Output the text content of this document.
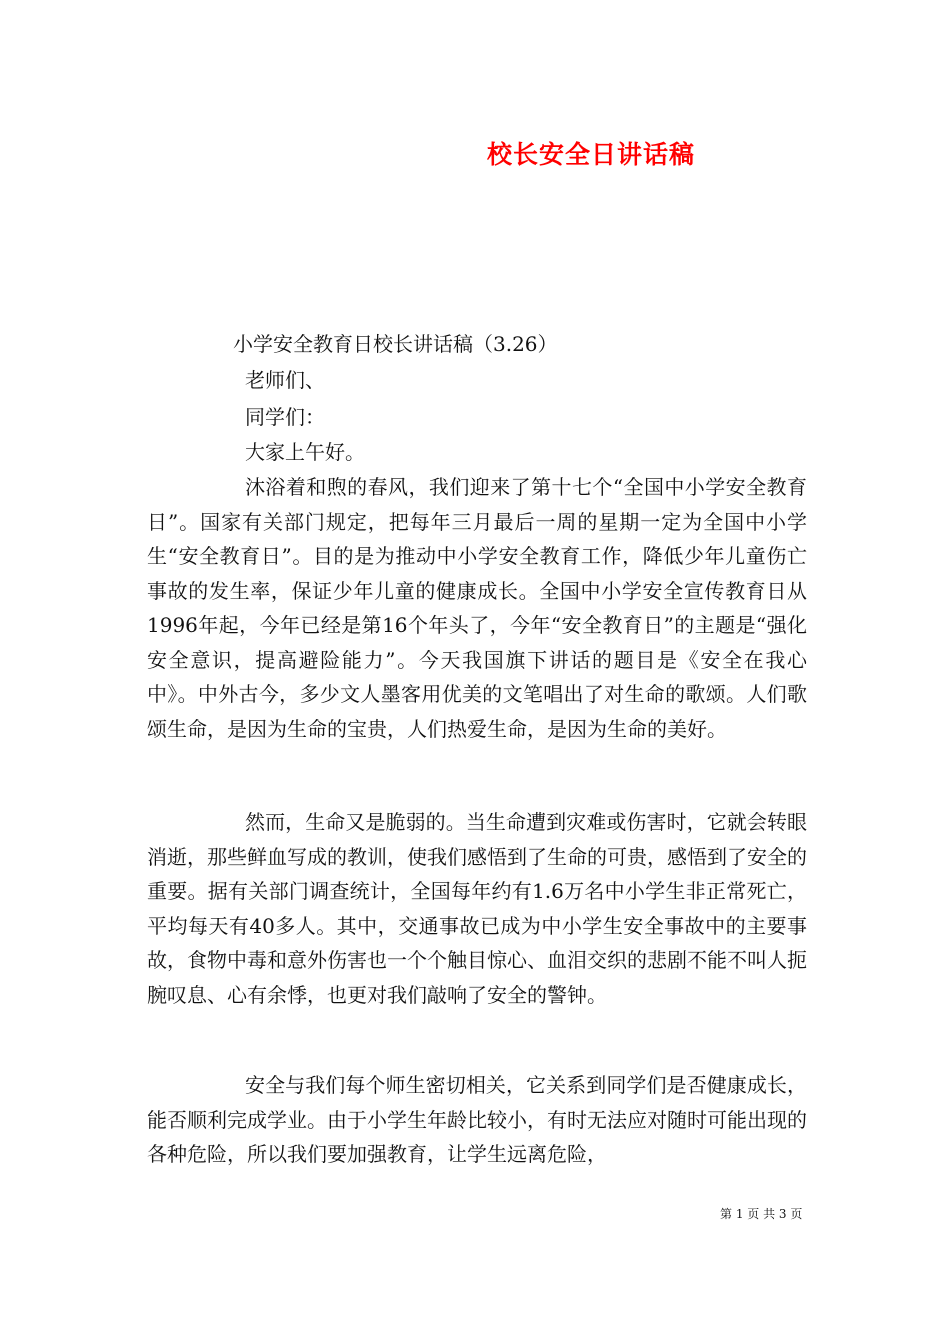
校长安全日讲话稿
小学安全教育日校长讲话稿（3.26）
老师们、
同学们：
大家上午好。

沐浴着和煦的春风，我们迎来了第十七个“全国中小学安全教育日”。国家有关部门规定，把每年三月最后一周的星期一定为全国中小学生“安全教育日”。目的是为推动中小学安全教育工作，降低少年儿童伤亡事故的发生率，保证少年儿童的健康成长。全国中小学安全宣传教育日从1996年起，今年已经是第16个年头了，今年“安全教育日”的主题是“强化安全意识，提高避险能力”。今天我国旗下讲话的题目是《安全在我心中》。中外古今，多少文人墨客用优美的文笔唱出了对生命的歌颂。人们歌颂生命，是因为生命的宝贵，人们热爱生命，是因为生命的美好。

然而，生命又是脆弱的。当生命遭到灾难或伤害时，它就会转眼消逝，那些鲜血写成的教训，使我们感悟到了生命的可贵，感悟到了安全的重要。据有关部门调查统计，全国每年约有1.6万名中小学生非正常死亡，平均每天有40多人。其中，交通事故已成为中小学生安全事故中的主要事故，食物中毒和意外伤害也一个个触目惊心、血泪交织的悲剧不能不叫人扼腕叹息、心有余悸，也更对我们敲响了安全的警钟。

安全与我们每个师生密切相关，它关系到同学们是否健康成长，能否顺利完成学业。由于小学生年龄比较小，有时无法应对随时可能出现的各种危险，所以我们要加强教育，让学生远离危险，

第 1 页 共 3 页
